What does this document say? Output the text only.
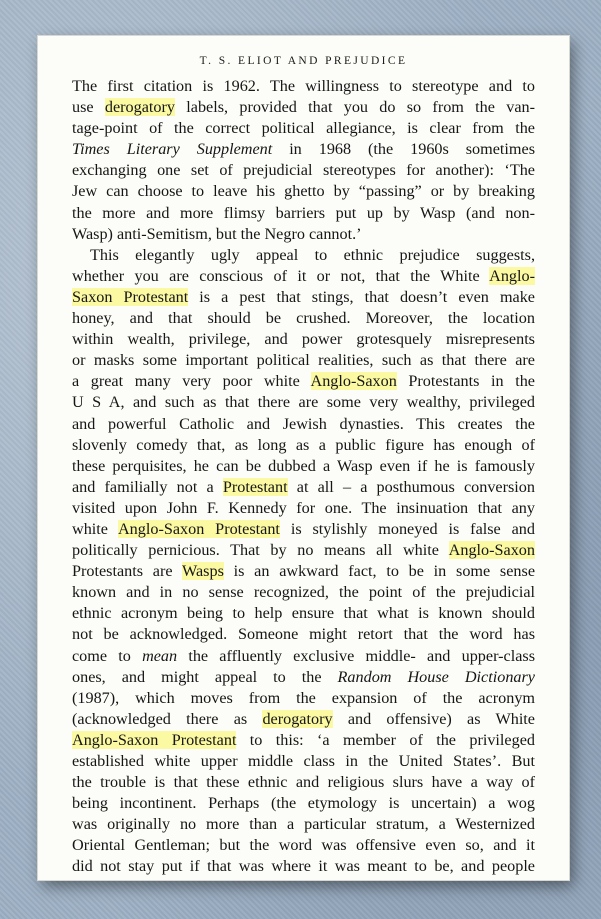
T. S. ELIOT AND PREJUDICE

The first citation is 1962. The willingness to stereotype and to
use derogatory labels, provided that you do so from the van-
tage-point of the correct political allegiance, is clear from the
Times Literary Supplement in 1968 (the 1960s sometimes
exchanging one set of prejudicial stereotypes for another): ‘The
Jew can choose to leave his ghetto by “passing” or by breaking
the more and more flimsy barriers put up by Wasp (and non-
Wasp) anti-Semitism, but the Negro cannot.’

This elegantly ugly appeal to ethnic prejudice suggests,
whether you are conscious of it or not, that the White Anglo-
Saxon Protestant is a pest that stings, that doesn’t even make
honey, and that should be crushed. Moreover, the location
within wealth, privilege, and power grotesquely misrepresents
or masks some important political realities, such as that there are
a great many very poor white Anglo-Saxon Protestants in the
U S A, and such as that there are some very wealthy, privileged
and powerful Catholic and Jewish dynasties. This creates the
slovenly comedy that, as long as a public figure has enough of
these perquisites, he can be dubbed a Wasp even if he is famously
and familially not a Protestant at all – a posthumous conversion
visited upon John F. Kennedy for one. The insinuation that any
white Anglo-Saxon Protestant is stylishly moneyed is false and
politically pernicious. That by no means all white Anglo-Saxon
Protestants are Wasps is an awkward fact, to be in some sense
known and in no sense recognized, the point of the prejudicial
ethnic acronym being to help ensure that what is known should
not be acknowledged. Someone might retort that the word has
come to mean the affluently exclusive middle- and upper-class
ones, and might appeal to the Random House Dictionary
(1987), which moves from the expansion of the acronym
(acknowledged there as derogatory and offensive) as White
Anglo-Saxon Protestant to this: ‘a member of the privileged
established white upper middle class in the United States’. But
the trouble is that these ethnic and religious slurs have a way of
being incontinent. Perhaps (the etymology is uncertain) a wog
was originally no more than a particular stratum, a Westernized
Oriental Gentleman; but the word was offensive even so, and it
did not stay put if that was where it was meant to be, and people
